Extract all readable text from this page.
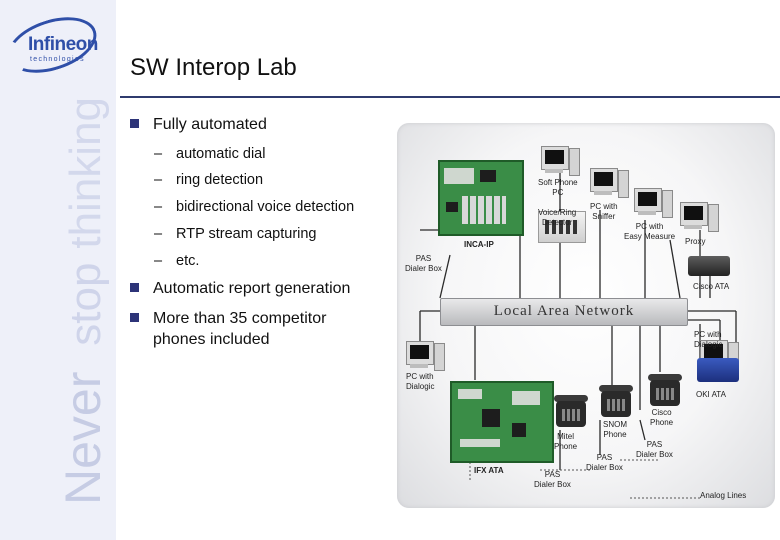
Infineon
technologies
Never stop thinking
SW Interop Lab
Fully automated
– automatic dial
– ring detection
– bidirectional voice detection
– RTP stream capturing
– etc.
Automatic report generation
More than 35 competitor
phones included
Local Area Network
Soft Phone
PC
Voice/Ring
Detector
PC with
Sniffer
PC with
Easy Measure
Proxy
INCA-IP
PAS
Dialer Box
Cisco ATA
PC with
Dialogic
PC with
Dialogic
OKI ATA
Cisco
Phone
PAS
Dialer Box
SNOM
Phone
PAS
Dialer Box
Mitel
Phone
PAS
Dialer Box
IFX ATA
Analog Lines
